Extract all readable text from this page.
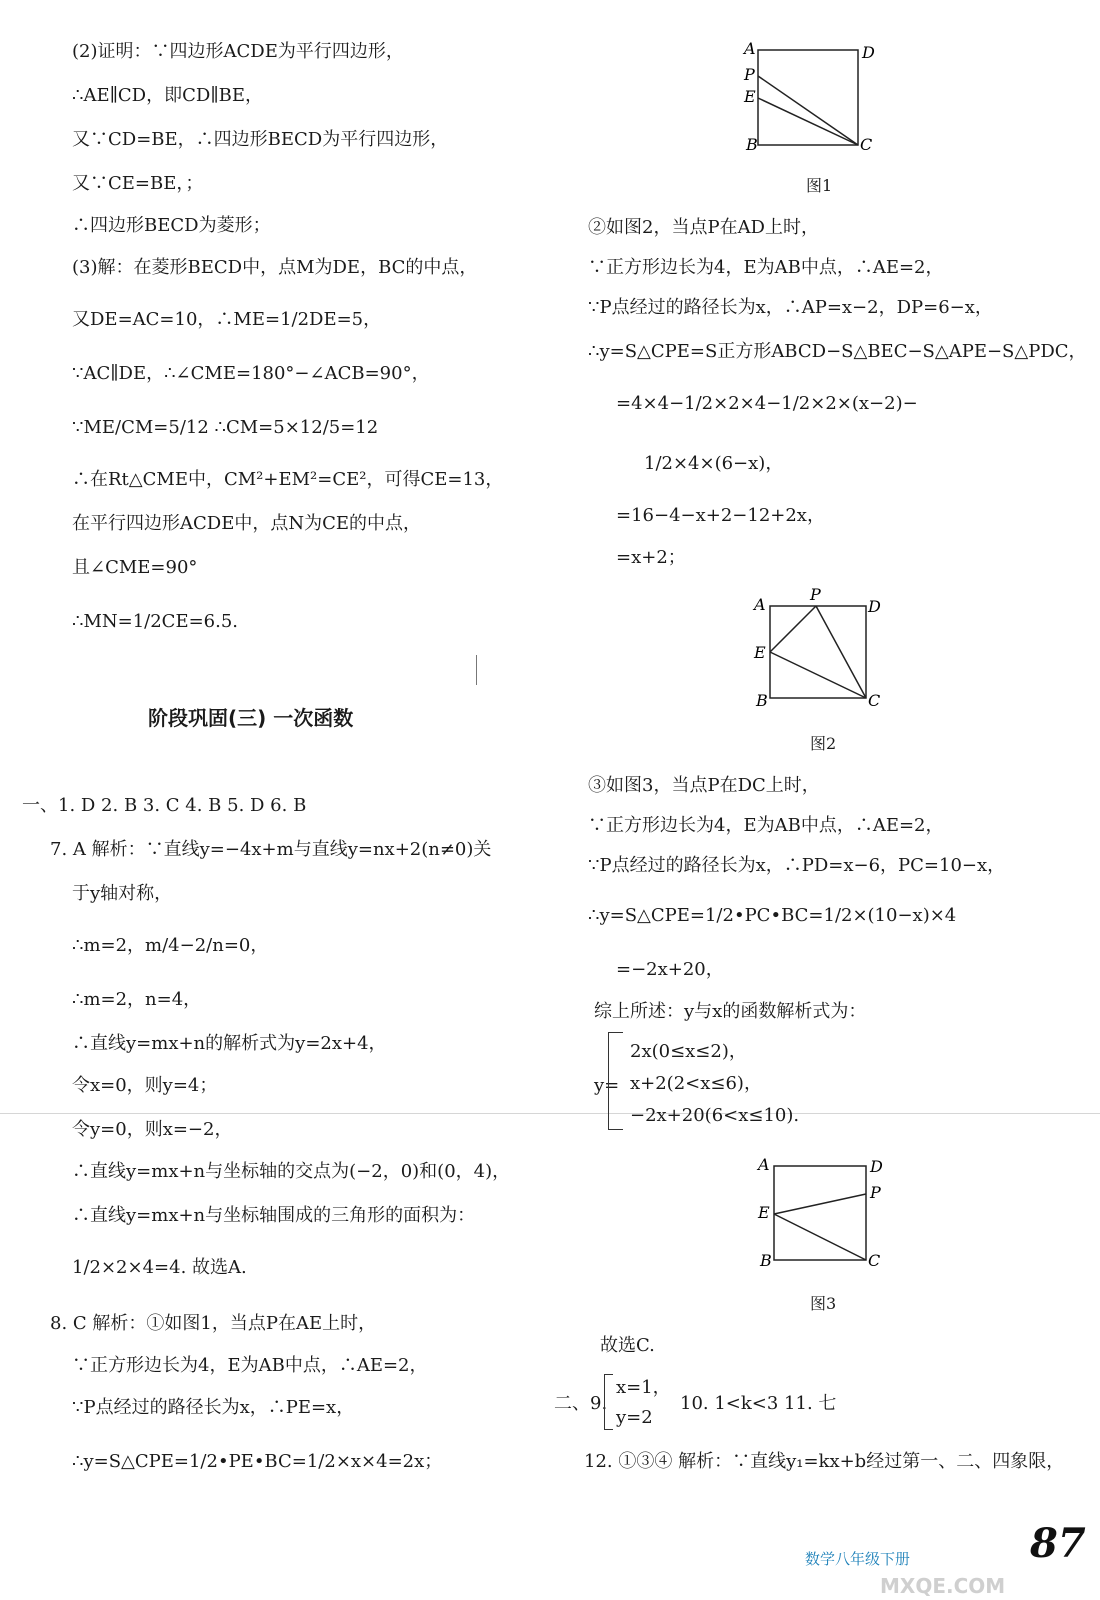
(2)证明：∵四边形ACDE为平行四边形，
∴AE∥CD，即CD∥BE，
又∵CD=BE，∴四边形BECD为平行四边形，
又∵CE=BE，；
∴四边形BECD为菱形；
(3)解：在菱形BECD中，点M为DE，BC的中点，
又DE=AC=10，∴ME=1/2DE=5，
∵AC∥DE，∴∠CME=180°−∠ACB=90°，
∵ME/CM=5/12 ∴CM=5×12/5=12
∴在Rt△CME中，CM²+EM²=CE²，可得CE=13，
在平行四边形ACDE中，点N为CE的中点，
且∠CME=90°
∴MN=1/2CE=6.5.
阶段巩固(三) 一次函数
一、1. D 2. B 3. C 4. B 5. D 6. B
7. A 解析：∵直线y=−4x+m与直线y=nx+2(n≠0)关
于y轴对称，
∴m=2，m/4−2/n=0，
∴m=2，n=4，
∴直线y=mx+n的解析式为y=2x+4，
令x=0，则y=4；
令y=0，则x=−2，
∴直线y=mx+n与坐标轴的交点为(−2，0)和(0，4)，
∴直线y=mx+n与坐标轴围成的三角形的面积为：
1/2×2×4=4. 故选A.
8. C 解析：①如图1，当点P在AE上时，
∵正方形边长为4，E为AB中点，∴AE=2，
∵P点经过的路径长为x，∴PE=x，
∴y=S△CPE=1/2•PE•BC=1/2×x×4=2x；
A	D
P
E
B	C
图1
②如图2，当点P在AD上时，
∵正方形边长为4，E为AB中点，∴AE=2，
∵P点经过的路径长为x，∴AP=x−2，DP=6−x，
∴y=S△CPE=S正方形ABCD−S△BEC−S△APE−S△PDC，
=4×4−1/2×2×4−1/2×2×(x−2)−
1/2×4×(6−x)，
=16−4−x+2−12+2x，
=x+2；
A
P
D
E
B	C
图2
③如图3，当点P在DC上时，
∵正方形边长为4，E为AB中点，∴AE=2，
∵P点经过的路径长为x，∴PD=x−6，PC=10−x，
∴y=S△CPE=1/2•PC•BC=1/2×(10−x)×4
=−2x+20，
综上所述：y与x的函数解析式为：
y=
2x(0≤x≤2)，
x+2(2<x≤6)，
−2x+20(6<x≤10).
A	D
P
E
B	C
图3
故选C.
二、9.
x=1，
y=2
10. 1<k<3 11. 七
12. ①③④ 解析：∵直线y₁=kx+b经过第一、二、四象限，
数学八年级下册	87
MXQE.COM
